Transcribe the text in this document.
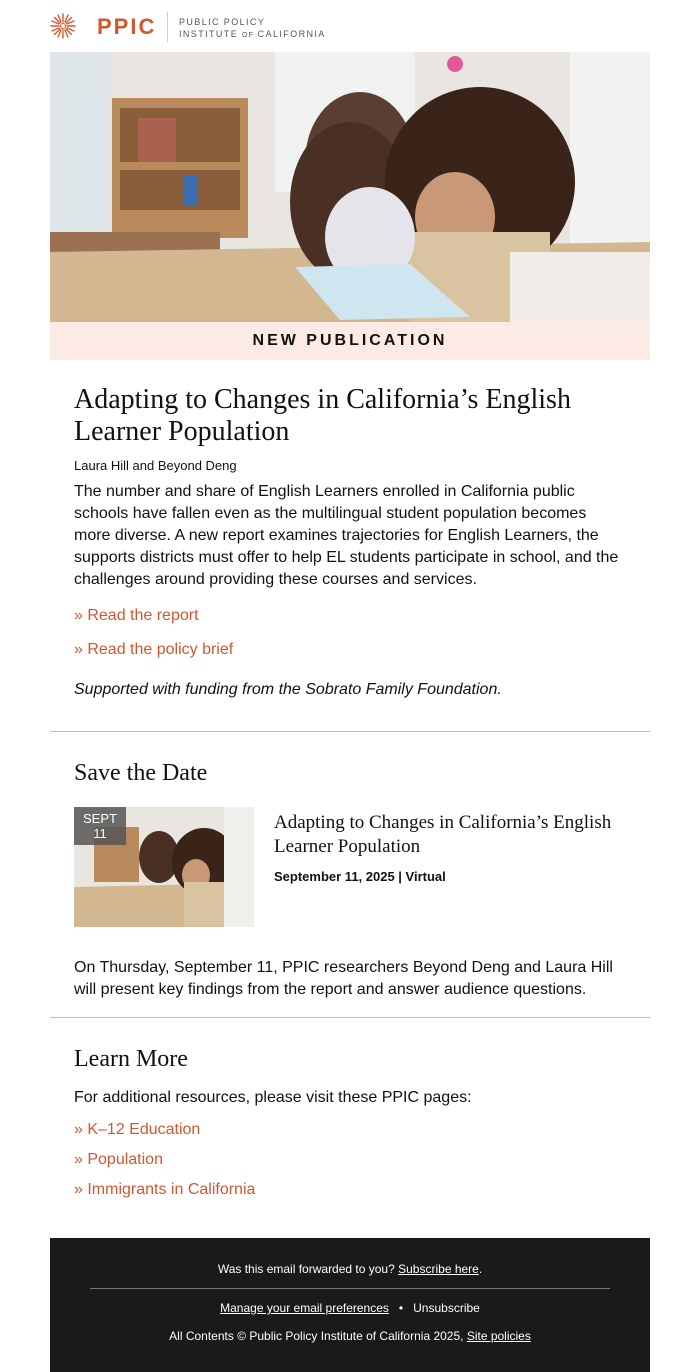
PPIC	PUBLIC POLICY
INSTITUTE OF CALIFORNIA
NEW PUBLICATION
Adapting to Changes in California’s English Learner Population

Laura Hill and Beyond Deng

The number and share of English Learners enrolled in California public schools have fallen even as the multilingual student population becomes more diverse. A new report examines trajectories for English Learners, the supports districts must offer to help EL students participate in school, and the challenges around providing these courses and services.

» Read the report
» Read the policy brief

Supported with funding from the Sobrato Family Foundation.

Save the Date
SEPT
11
Adapting to Changes in California’s English Learner Population
September 11, 2025 | Virtual

On Thursday, September 11, PPIC researchers Beyond Deng and Laura Hill will present key findings from the report and answer audience questions.

Learn More

For additional resources, please visit these PPIC pages:

» K–12 Education
» Population
» Immigrants in California
Was this email forwarded to you? Subscribe here.
Manage your email preferences • Unsubscribe
All Contents © Public Policy Institute of California 2025, Site policies
